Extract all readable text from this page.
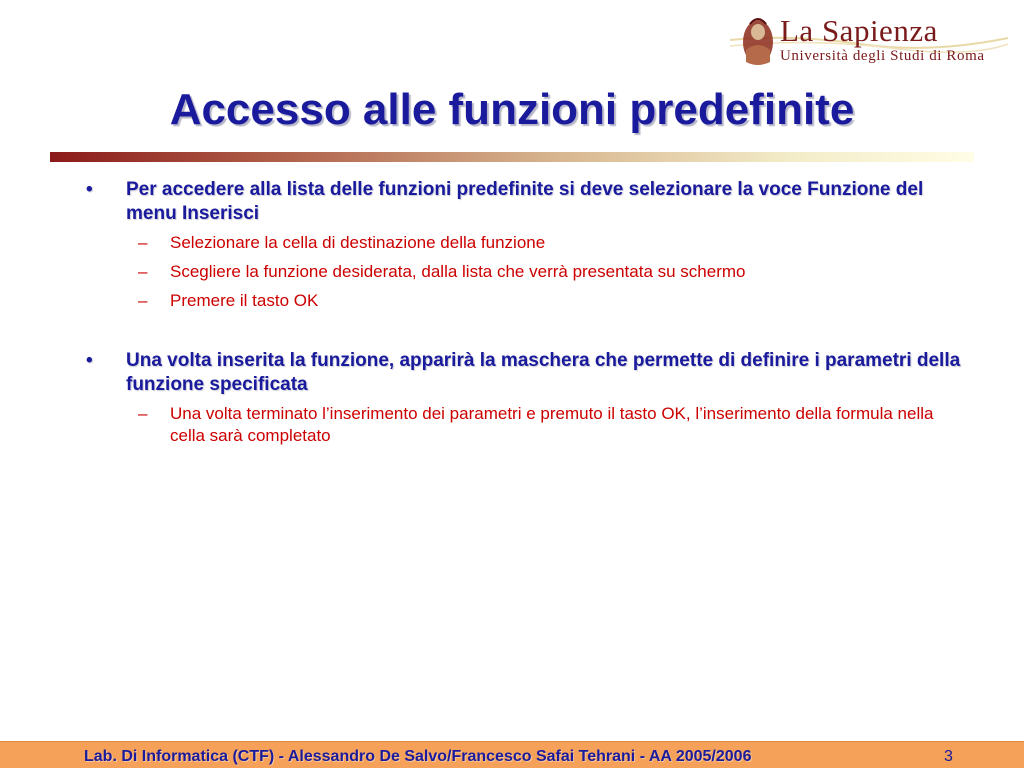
La Sapienza
Università degli Studi di Roma
Accesso alle funzioni predefinite
• Per accedere alla lista delle funzioni predefinite si deve selezionare la voce Funzione del menu Inserisci
– Selezionare la cella di destinazione della funzione
– Scegliere la funzione desiderata, dalla lista che verrà presentata su schermo
– Premere il tasto OK
• Una volta inserita la funzione, apparirà la maschera che permette di definire i parametri della funzione specificata
– Una volta terminato l’inserimento dei parametri e premuto il tasto OK, l’inserimento della formula nella cella sarà completato
Lab. Di Informatica (CTF) - Alessandro De Salvo/Francesco Safai Tehrani - AA 2005/2006	3
